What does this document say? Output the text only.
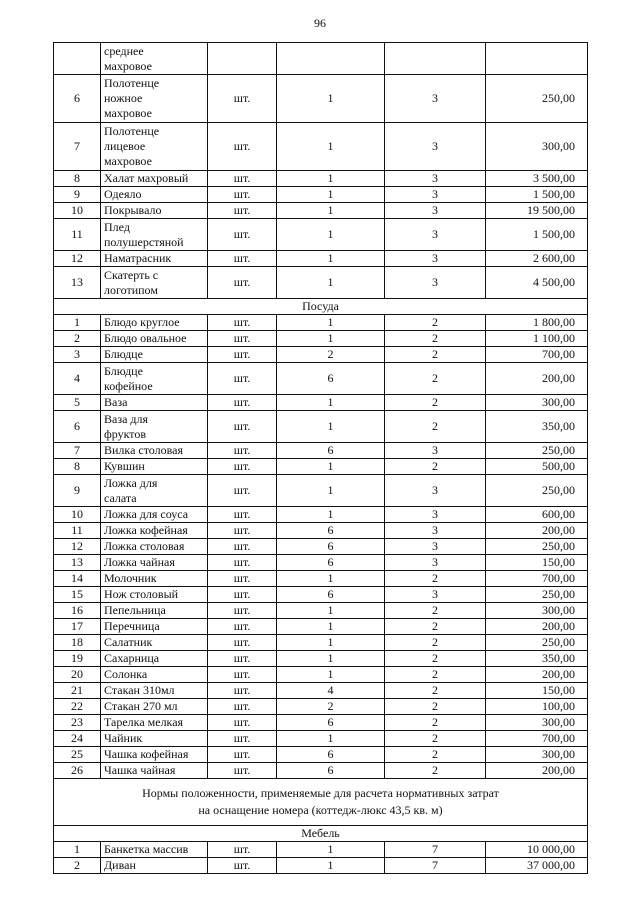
96
	среднее
махровое				
6	Полотенце
ножное
махровое	шт.	1	3	250,00
7	Полотенце
лицевое
махровое	шт.	1	3	300,00
8	Халат махровый	шт.	1	3	3 500,00
9	Одеяло	шт.	1	3	1 500,00
10	Покрывало	шт.	1	3	19 500,00
11	Плед
полушерстяной	шт.	1	3	1 500,00
12	Наматрасник	шт.	1	3	2 600,00
13	Скатерть с
логотипом	шт.	1	3	4 500,00
Посуда					
1	Блюдо круглое	шт.	1	2	1 800,00
2	Блюдо овальное	шт.	1	2	1 100,00
3	Блюдце	шт.	2	2	700,00
4	Блюдце
кофейное	шт.	6	2	200,00
5	Ваза	шт.	1	2	300,00
6	Ваза для
фруктов	шт.	1	2	350,00
7	Вилка столовая	шт.	6	3	250,00
8	Кувшин	шт.	1	2	500,00
9	Ложка для
салата	шт.	1	3	250,00
10	Ложка для соуса	шт.	1	3	600,00
11	Ложка кофейная	шт.	6	3	200,00
12	Ложка столовая	шт.	6	3	250,00
13	Ложка чайная	шт.	6	3	150,00
14	Молочник	шт.	1	2	700,00
15	Нож столовый	шт.	6	3	250,00
16	Пепельница	шт.	1	2	300,00
17	Перечница	шт.	1	2	200,00
18	Салатник	шт.	1	2	250,00
19	Сахарница	шт.	1	2	350,00
20	Солонка	шт.	1	2	200,00
21	Стакан 310мл	шт.	4	2	150,00
22	Стакан 270 мл	шт.	2	2	100,00
23	Тарелка мелкая	шт.	6	2	300,00
24	Чайник	шт.	1	2	700,00
25	Чашка кофейная	шт.	6	2	300,00
26	Чашка чайная	шт.	6	2	200,00

Нормы положенности, применяемые для расчета нормативных затрат
на оснащение номера (коттедж-люкс 43,5 кв. м)					

Мебель					
1	Банкетка массив	шт.	1	7	10 000,00
2	Диван	шт.	1	7	37 000,00
